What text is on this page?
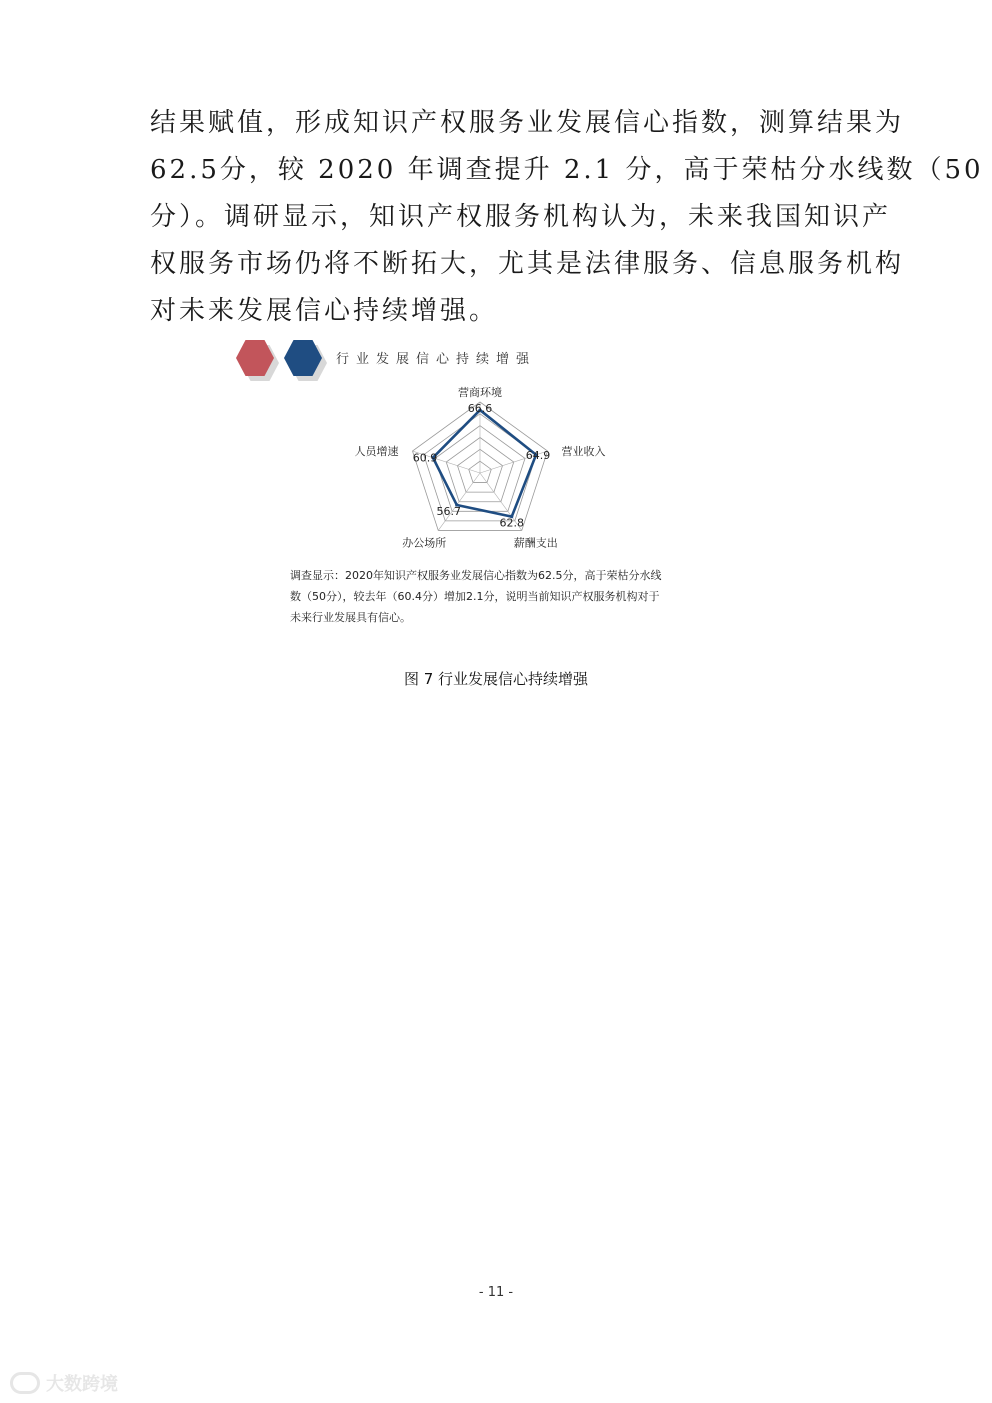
结果赋值，形成知识产权服务业发展信心指数，测算结果为
62.5分，较 2020 年调查提升 2.1 分，高于荣枯分水线数（50
分）。调研显示，知识产权服务机构认为，未来我国知识产
权服务市场仍将不断拓大，尤其是法律服务、信息服务机构
对未来发展信心持续增强。
行业发展信心持续增强
营商环境
营业收入
薪酬支出
办公场所
人员增速
66.6
64.9
62.8
56.7
60.9
调查显示：2020年知识产权服务业发展信心指数为62.5分，高于荣枯分水线
数（50分），较去年（60.4分）增加2.1分，说明当前知识产权服务机构对于
未来行业发展具有信心。
图 7 行业发展信心持续增强
- 11 -
大数跨境
